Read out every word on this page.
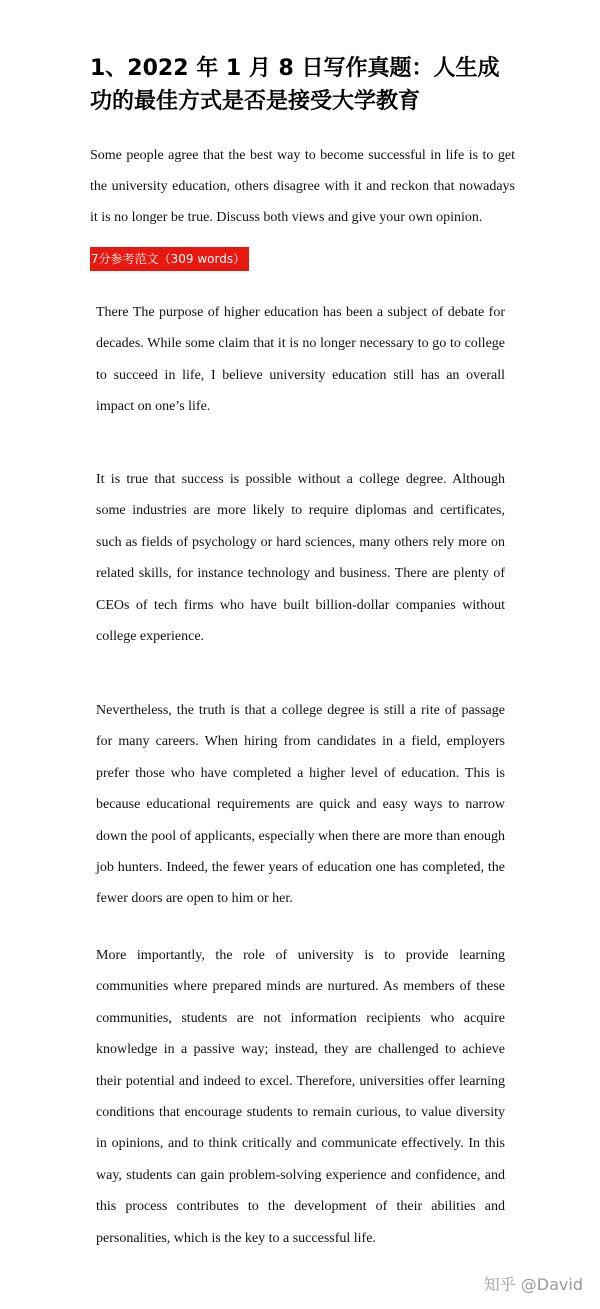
1、2022 年 1 月 8 日写作真题：人生成功的最佳方式是否是接受大学教育
Some people agree that the best way to become successful in life is to get the university education, others disagree with it and reckon that nowadays it is no longer be true. Discuss both views and give your own opinion.
7分参考范文（309 words）

There The purpose of higher education has been a subject of debate for decades. While some claim that it is no longer necessary to go to college to succeed in life, I believe university education still has an overall impact on one’s life.

It is true that success is possible without a college degree. Although some industries are more likely to require diplomas and certificates, such as fields of psychology or hard sciences, many others rely more on related skills, for instance technology and business. There are plenty of CEOs of tech firms who have built billion-dollar companies without college experience.

Nevertheless, the truth is that a college degree is still a rite of passage for many careers. When hiring from candidates in a field, employers prefer those who have completed a higher level of education. This is because educational requirements are quick and easy ways to narrow down the pool of applicants, especially when there are more than enough job hunters. Indeed, the fewer years of education one has completed, the fewer doors are open to him or her.

More importantly, the role of university is to provide learning communities where prepared minds are nurtured. As members of these communities, students are not information recipients who acquire knowledge in a passive way; instead, they are challenged to achieve their potential and indeed to excel. Therefore, universities offer learning conditions that encourage students to remain curious, to value diversity in opinions, and to think critically and communicate effectively. In this way, students can gain problem-solving experience and confidence, and this process contributes to the development of their abilities and personalities, which is the key to a successful life.

知乎 @David
